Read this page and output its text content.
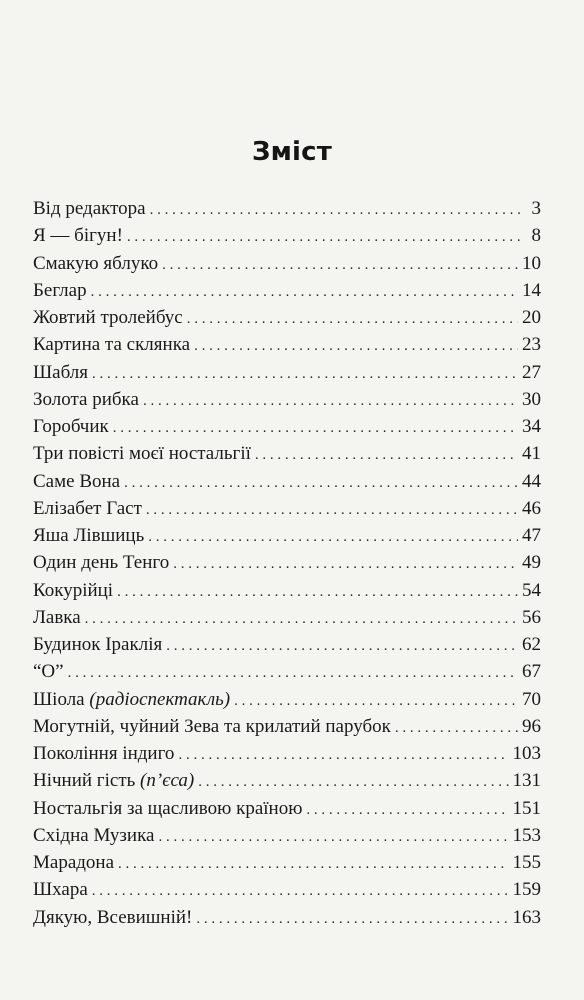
Зміст
Від редактора . . .	3
Я — бігун! . . .	8
Смакую яблуко . . .	10
Беглар . . .	14
Жовтий тролейбус . . .	20
Картина та склянка . . .	23
Шабля . . .	27
Золота рибка . . .	30
Горобчик . . .	34
Три повісті моєї ностальгії . . .	41
Саме Вона . . .	44
Елізабет Гаст . . .	46
Яша Лівшиць . . .	47
Один день Тенго . . .	49
Кокурійці . . .	54
Лавка . . .	56
Будинок Іраклія . . .	62
“О” . . .	67
Шіола (радіоспектакль) . . .	70
Могутній, чуйний Зева та крилатий парубок . . .	96
Покоління індиго . . .	103
Нічний гість (п’єса) . . .	131
Ностальгія за щасливою країною . . .	151
Східна Музика . . .	153
Марадона . . .	155
Шхара . . .	159
Дякую, Всевишній! . . .	163
